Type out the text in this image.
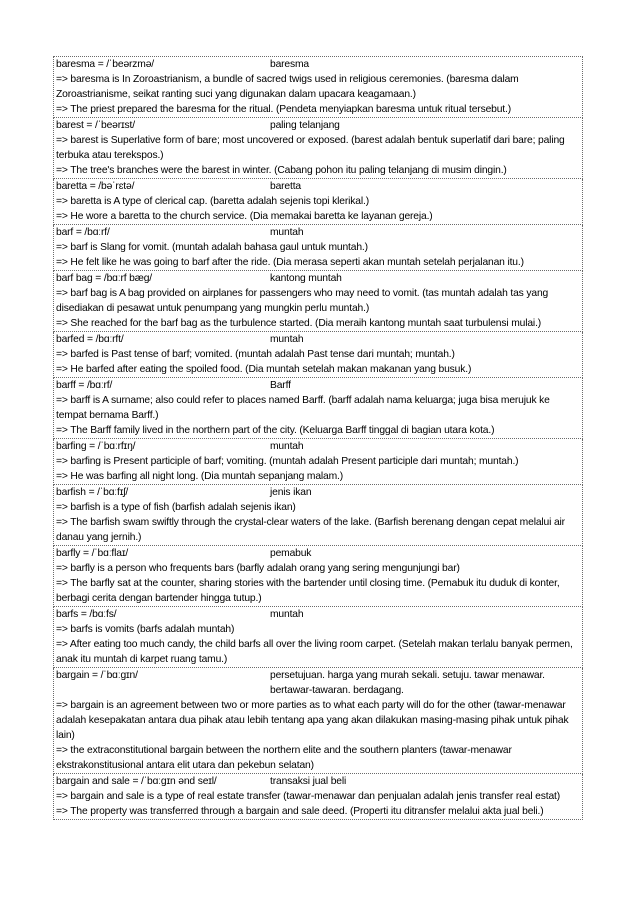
baresma = /ˈbeərzmə/	baresma
=> baresma is In Zoroastrianism, a bundle of sacred twigs used in religious ceremonies. (baresma dalam Zoroastrianisme, seikat ranting suci yang digunakan dalam upacara keagamaan.)
=> The priest prepared the baresma for the ritual. (Pendeta menyiapkan baresma untuk ritual tersebut.)
barest = /ˈbeərɪst/	paling telanjang
=> barest is Superlative form of bare; most uncovered or exposed. (barest adalah bentuk superlatif dari bare; paling terbuka atau terekspos.)
=> The tree's branches were the barest in winter. (Cabang pohon itu paling telanjang di musim dingin.)
baretta = /bəˈrɛtə/	baretta
=> baretta is A type of clerical cap. (baretta adalah sejenis topi klerikal.)
=> He wore a baretta to the church service. (Dia memakai baretta ke layanan gereja.)
barf = /bɑːrf/	muntah
=> barf is Slang for vomit. (muntah adalah bahasa gaul untuk muntah.)
=> He felt like he was going to barf after the ride. (Dia merasa seperti akan muntah setelah perjalanan itu.)
barf bag = /bɑːrf bæg/	kantong muntah
=> barf bag is A bag provided on airplanes for passengers who may need to vomit. (tas muntah adalah tas yang disediakan di pesawat untuk penumpang yang mungkin perlu muntah.)
=> She reached for the barf bag as the turbulence started. (Dia meraih kantong muntah saat turbulensi mulai.)
barfed = /bɑːrft/	muntah
=> barfed is Past tense of barf; vomited. (muntah adalah Past tense dari muntah; muntah.)
=> He barfed after eating the spoiled food. (Dia muntah setelah makan makanan yang busuk.)
barff = /bɑːrf/	Barff
=> barff is A surname; also could refer to places named Barff. (barff adalah nama keluarga; juga bisa merujuk ke tempat bernama Barff.)
=> The Barff family lived in the northern part of the city. (Keluarga Barff tinggal di bagian utara kota.)
barfing = /ˈbɑːrfɪŋ/	muntah
=> barfing is Present participle of barf; vomiting. (muntah adalah Present participle dari muntah; muntah.)
=> He was barfing all night long. (Dia muntah sepanjang malam.)
barfish = /ˈbɑːfɪʃ/	jenis ikan
=> barfish is a type of fish (barfish adalah sejenis ikan)
=> The barfish swam swiftly through the crystal-clear waters of the lake. (Barfish berenang dengan cepat melalui air danau yang jernih.)
barfly = /ˈbɑːflaɪ/	pemabuk
=> barfly is a person who frequents bars (barfly adalah orang yang sering mengunjungi bar)
=> The barfly sat at the counter, sharing stories with the bartender until closing time. (Pemabuk itu duduk di konter, berbagi cerita dengan bartender hingga tutup.)
barfs = /bɑːfs/	muntah
=> barfs is vomits (barfs adalah muntah)
=> After eating too much candy, the child barfs all over the living room carpet. (Setelah makan terlalu banyak permen, anak itu muntah di karpet ruang tamu.)
bargain = /ˈbɑːgɪn/	persetujuan. harga yang murah sekali. setuju. tawar menawar. bertawar-tawaran. berdagang.
=> bargain is an agreement between two or more parties as to what each party will do for the other (tawar-menawar adalah kesepakatan antara dua pihak atau lebih tentang apa yang akan dilakukan masing-masing pihak untuk pihak lain)
=> the extraconstitutional bargain between the northern elite and the southern planters (tawar-menawar ekstrakonstitusional antara elit utara dan pekebun selatan)
bargain and sale = /ˈbɑːgɪn ənd seɪl/	transaksi jual beli
=> bargain and sale is a type of real estate transfer (tawar-menawar dan penjualan adalah jenis transfer real estat)
=> The property was transferred through a bargain and sale deed. (Properti itu ditransfer melalui akta jual beli.)
